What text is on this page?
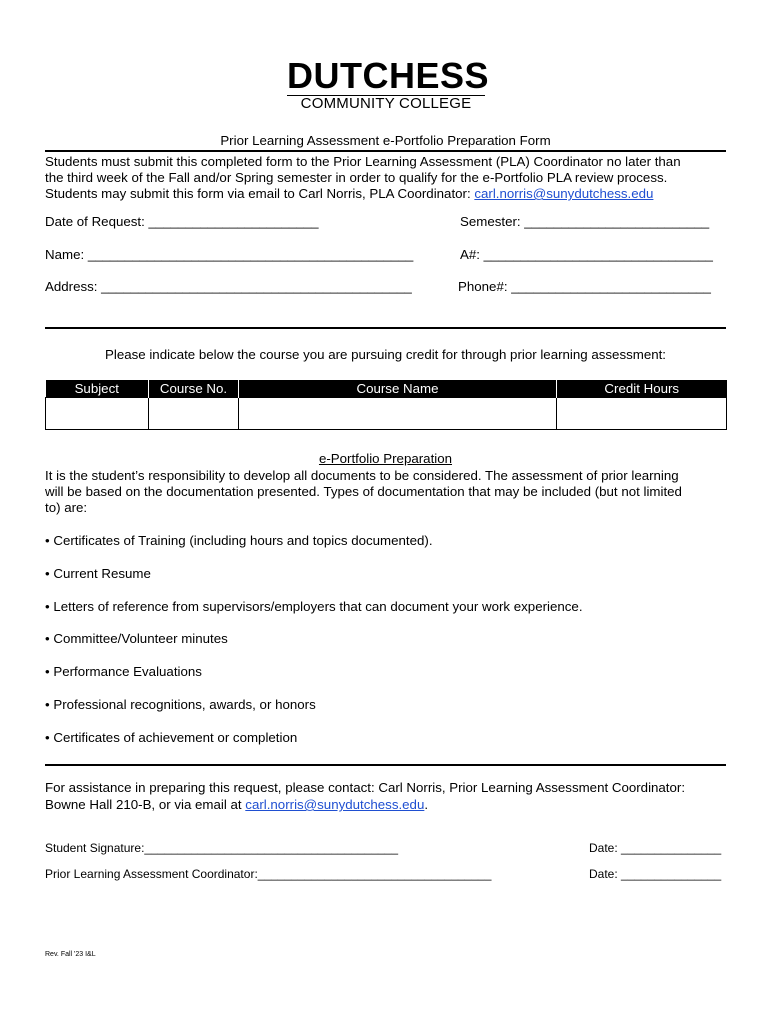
DUTCHESS
COMMUNITY COLLEGE
Prior Learning Assessment e-Portfolio Preparation Form
Students must submit this completed form to the Prior Learning Assessment (PLA) Coordinator no later than
the third week of the Fall and/or Spring semester in order to qualify for the e-Portfolio PLA review process.
Students may submit this form via email to Carl Norris, PLA Coordinator: carl.norris@sunydutchess.edu
Date of Request: _______________________	Semester: _________________________
Name: ____________________________________________	A#: _______________________________
Address: __________________________________________	Phone#: ___________________________
Please indicate below the course you are pursuing credit for through prior learning assessment:
Subject	Course No.	Course Name	Credit Hours

e-Portfolio Preparation
It is the student’s responsibility to develop all documents to be considered. The assessment of prior learning
will be based on the documentation presented. Types of documentation that may be included (but not limited
to) are:
• Certificates of Training (including hours and topics documented).
• Current Resume
• Letters of reference from supervisors/employers that can document your work experience.
• Committee/Volunteer minutes
• Performance Evaluations
• Professional recognitions, awards, or honors
• Certificates of achievement or completion
For assistance in preparing this request, please contact: Carl Norris, Prior Learning Assessment Coordinator:
Bowne Hall 210-B, or via email at carl.norris@sunydutchess.edu.
Student Signature:______________________________________	Date: _______________
Prior Learning Assessment Coordinator:___________________________________	Date: _______________
Rev. Fall '23 I&L
